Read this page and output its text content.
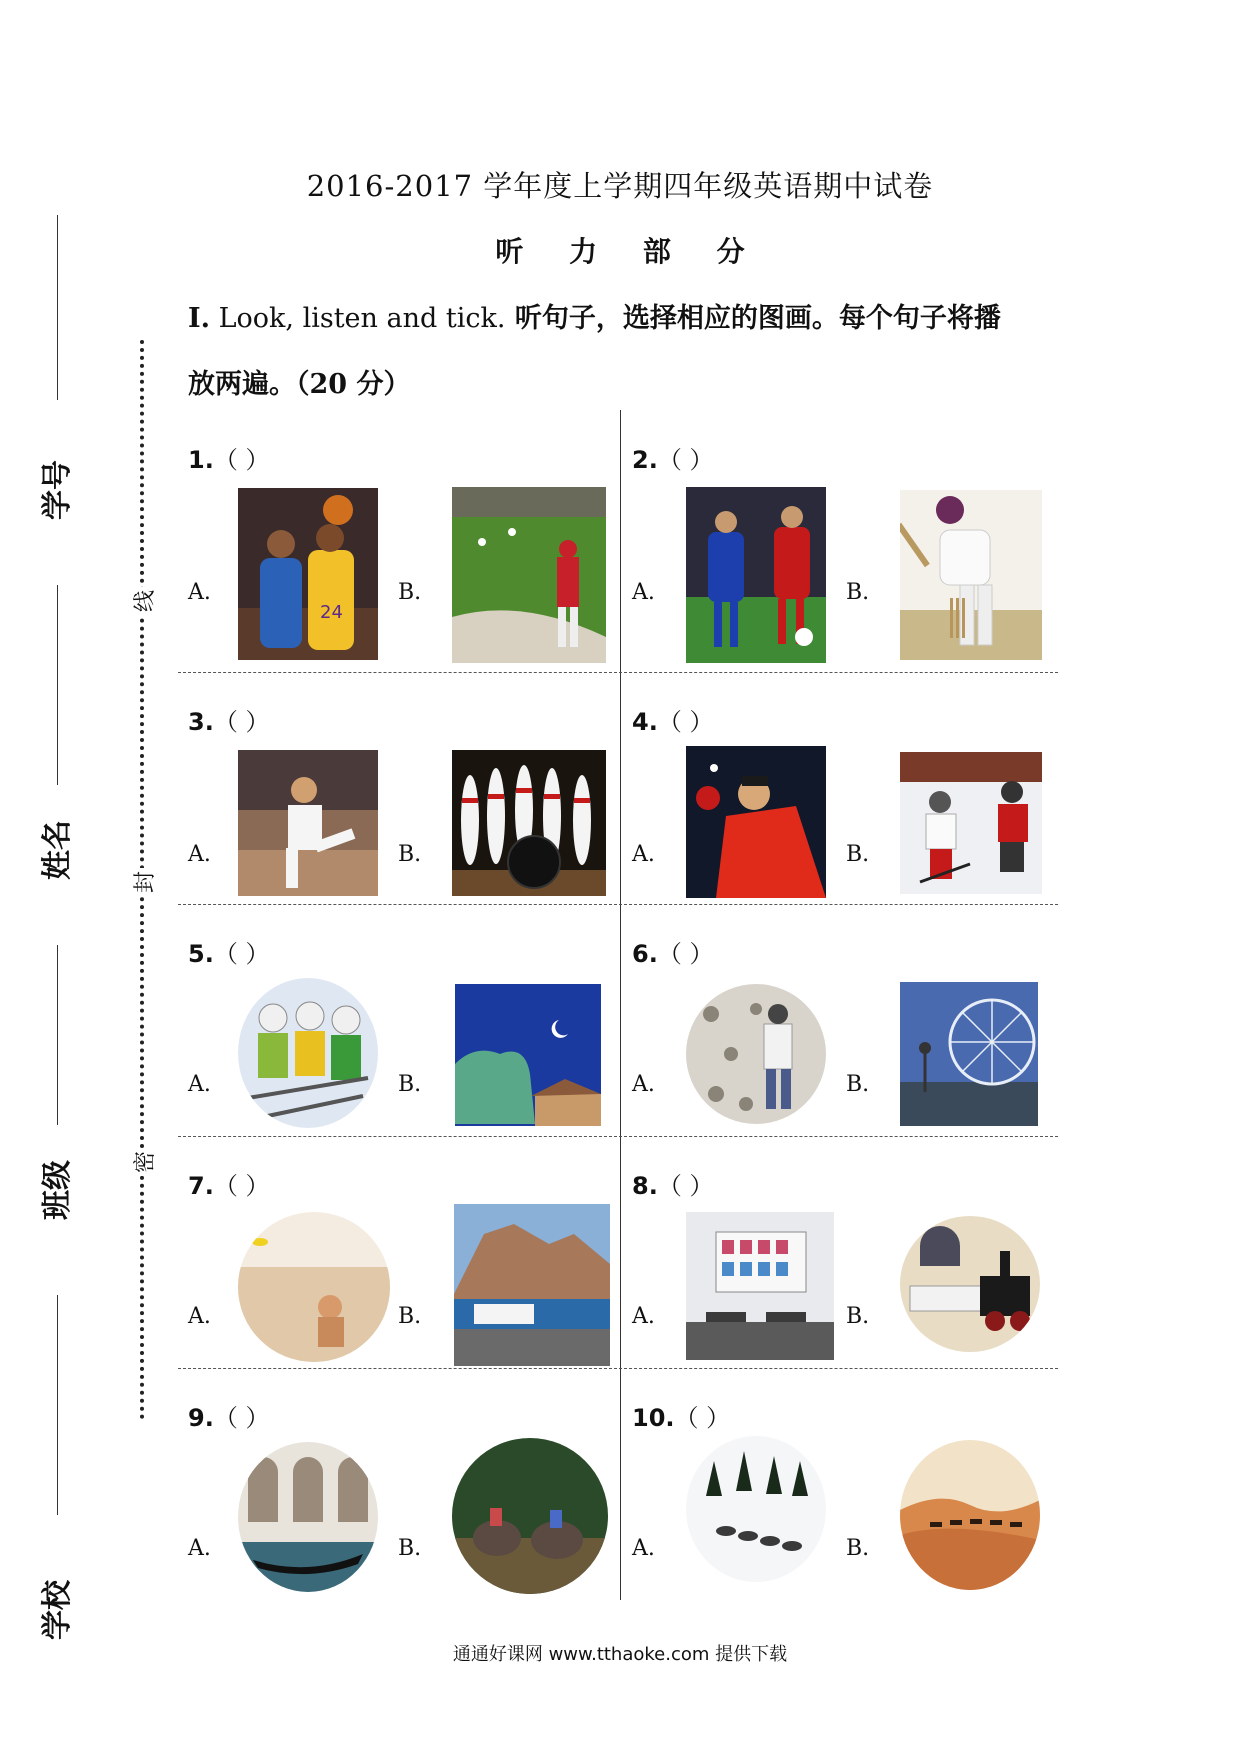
学号
姓名
班级
学校
线
封
密
2016-2017 学年度上学期四年级英语期中试卷
听 力 部 分
I. Look, listen and tick. 听句子，选择相应的图画。每个句子将播
放两遍。（20 分）
1.（ ）
A.
24
B.
2.（ ）
A.	B.
3.（ ）
A.	B.
4.（ ）
A.	B.
5.（ ）
A.	B.
6.（ ）
A.	B.
7.（ ）
A.	B.
8.（ ）
A.	B.
9.（ ）
A.	B.
10.（ ）
A.	B.
通通好课网 www.tthaoke.com 提供下载
